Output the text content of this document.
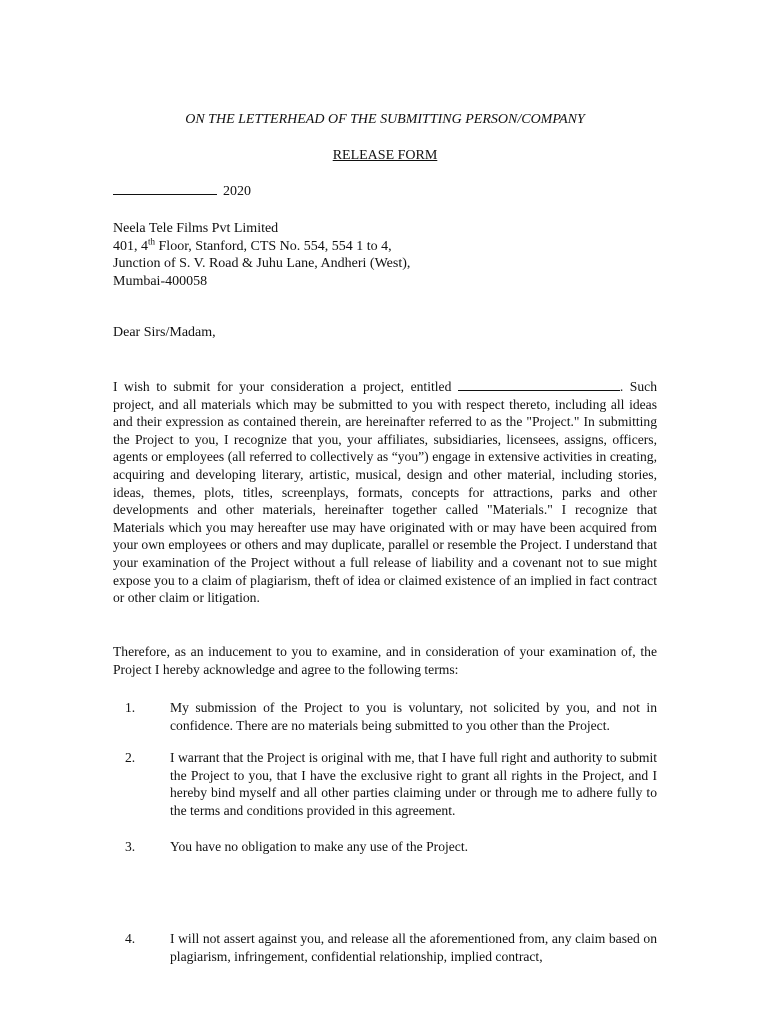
ON THE LETTERHEAD OF THE SUBMITTING PERSON/COMPANY
RELEASE FORM
2020
Neela Tele Films Pvt Limited
401, 4th Floor, Stanford, CTS No. 554, 554 1 to 4,
Junction of S. V. Road & Juhu Lane, Andheri (West),
Mumbai-400058
Dear Sirs/Madam,
I wish to submit for your consideration a project, entitled	. Such project, and all materials which may be submitted to you with respect thereto, including all ideas and their expression as contained therein, are hereinafter referred to as the "Project." In submitting the Project to you, I recognize that you, your affiliates, subsidiaries, licensees, assigns, officers, agents or employees (all referred to collectively as “you”) engage in extensive activities in creating, acquiring and developing literary, artistic, musical, design and other material, including stories, ideas, themes, plots, titles, screenplays, formats, concepts for attractions, parks and other developments and other materials, hereinafter together called "Materials." I recognize that Materials which you may hereafter use may have originated with or may have been acquired from your own employees or others and may duplicate, parallel or resemble the Project. I understand that your examination of the Project without a full release of liability and a covenant not to sue might expose you to a claim of plagiarism, theft of idea or claimed existence of an implied in fact contract or other claim or litigation.
Therefore, as an inducement to you to examine, and in consideration of your examination of, the Project I hereby acknowledge and agree to the following terms:
1.	My submission of the Project to you is voluntary, not solicited by you, and not in confidence. There are no materials being submitted to you other than the Project.
2.	I warrant that the Project is original with me, that I have full right and authority to submit the Project to you, that I have the exclusive right to grant all rights in the Project, and I hereby bind myself and all other parties claiming under or through me to adhere fully to the terms and conditions provided in this agreement.
3.	You have no obligation to make any use of the Project.
4.	I will not assert against you, and release all the aforementioned from, any claim based on plagiarism, infringement, confidential relationship, implied contract,
